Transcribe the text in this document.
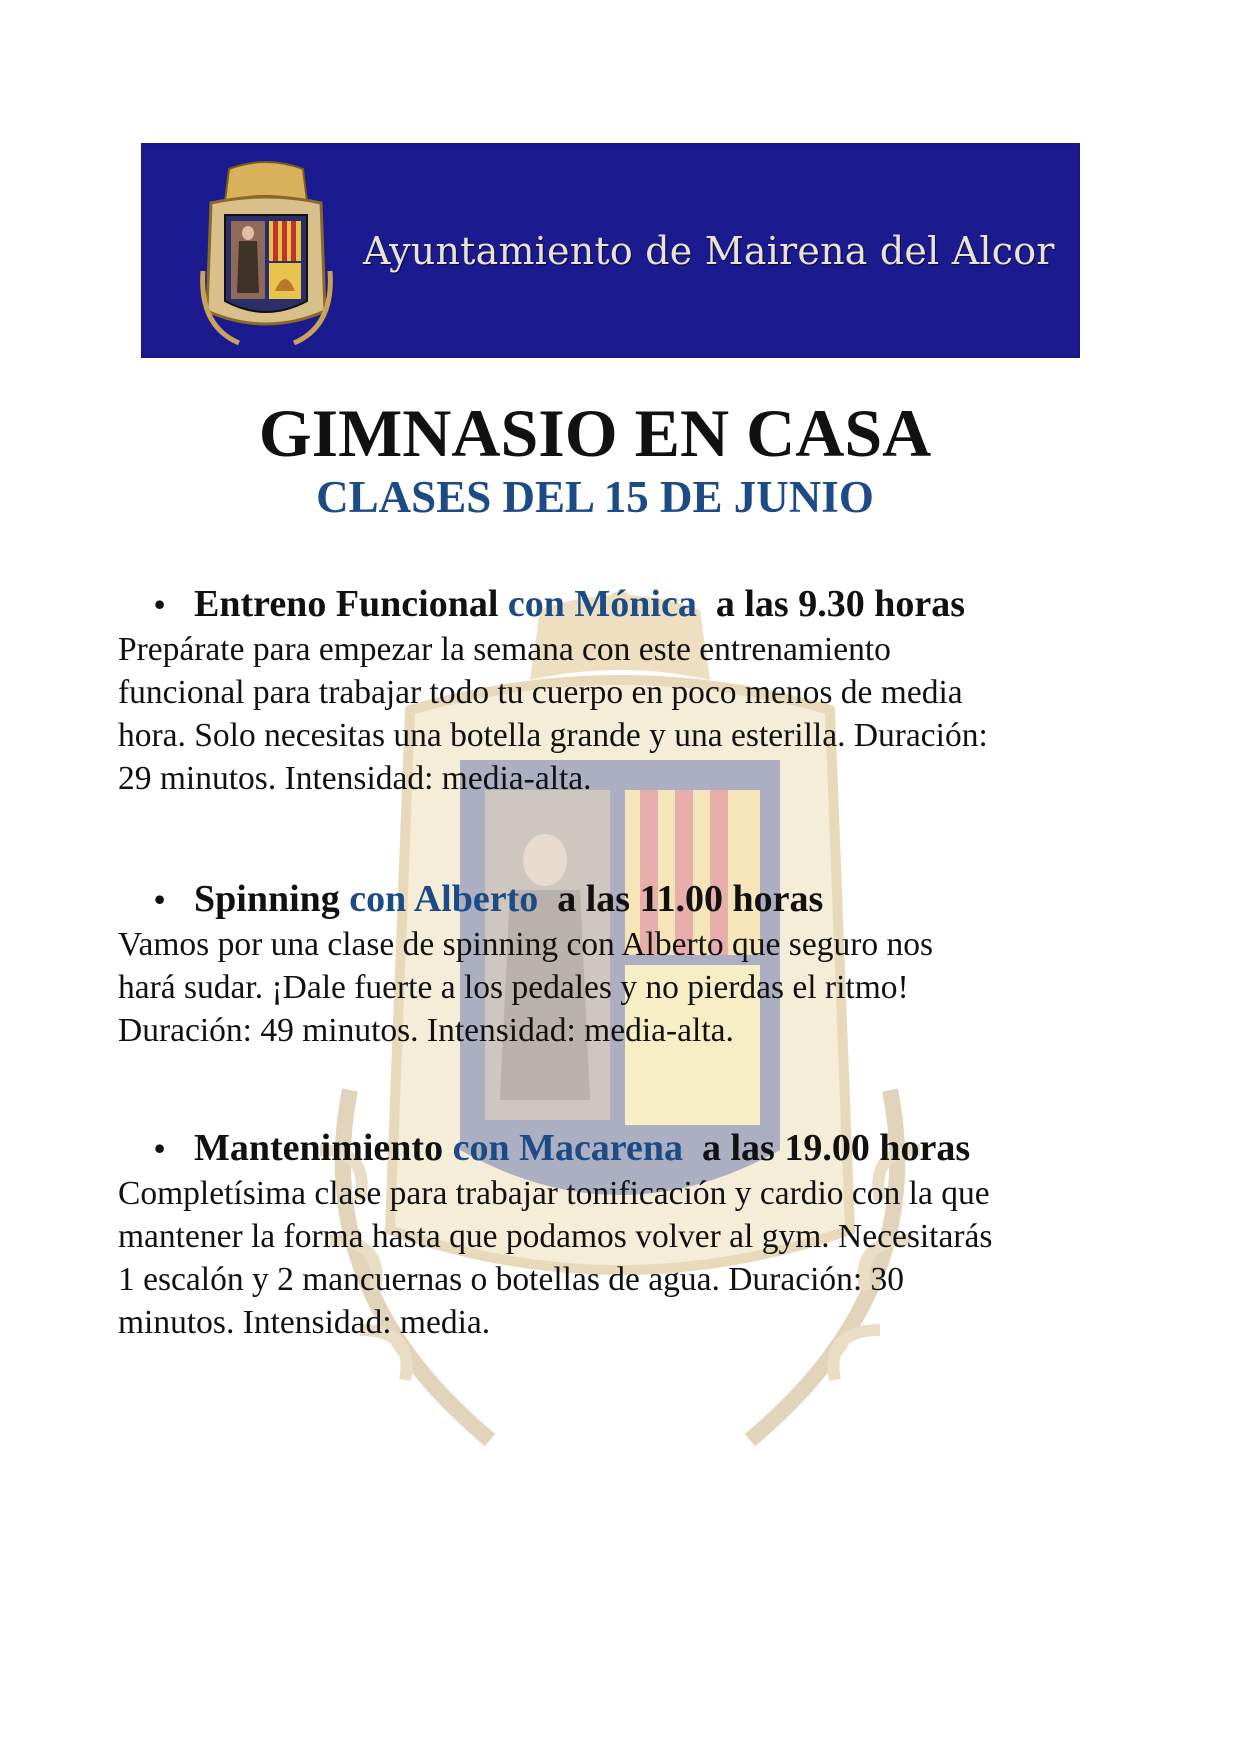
Ayuntamiento de Mairena del Alcor
GIMNASIO EN CASA
CLASES DEL 15 DE JUNIO
• Entreno Funcional con Mónica a las 9.30 horas
Prepárate para empezar la semana con este entrenamiento
funcional para trabajar todo tu cuerpo en poco menos de media
hora. Solo necesitas una botella grande y una esterilla. Duración:
29 minutos. Intensidad: media-alta.
• Spinning con Alberto a las 11.00 horas
Vamos por una clase de spinning con Alberto que seguro nos
hará sudar. ¡Dale fuerte a los pedales y no pierdas el ritmo!
Duración: 49 minutos. Intensidad: media-alta.
• Mantenimiento con Macarena a las 19.00 horas
Completísima clase para trabajar tonificación y cardio con la que
mantener la forma hasta que podamos volver al gym. Necesitarás
1 escalón y 2 mancuernas o botellas de agua. Duración: 30
minutos. Intensidad: media.
